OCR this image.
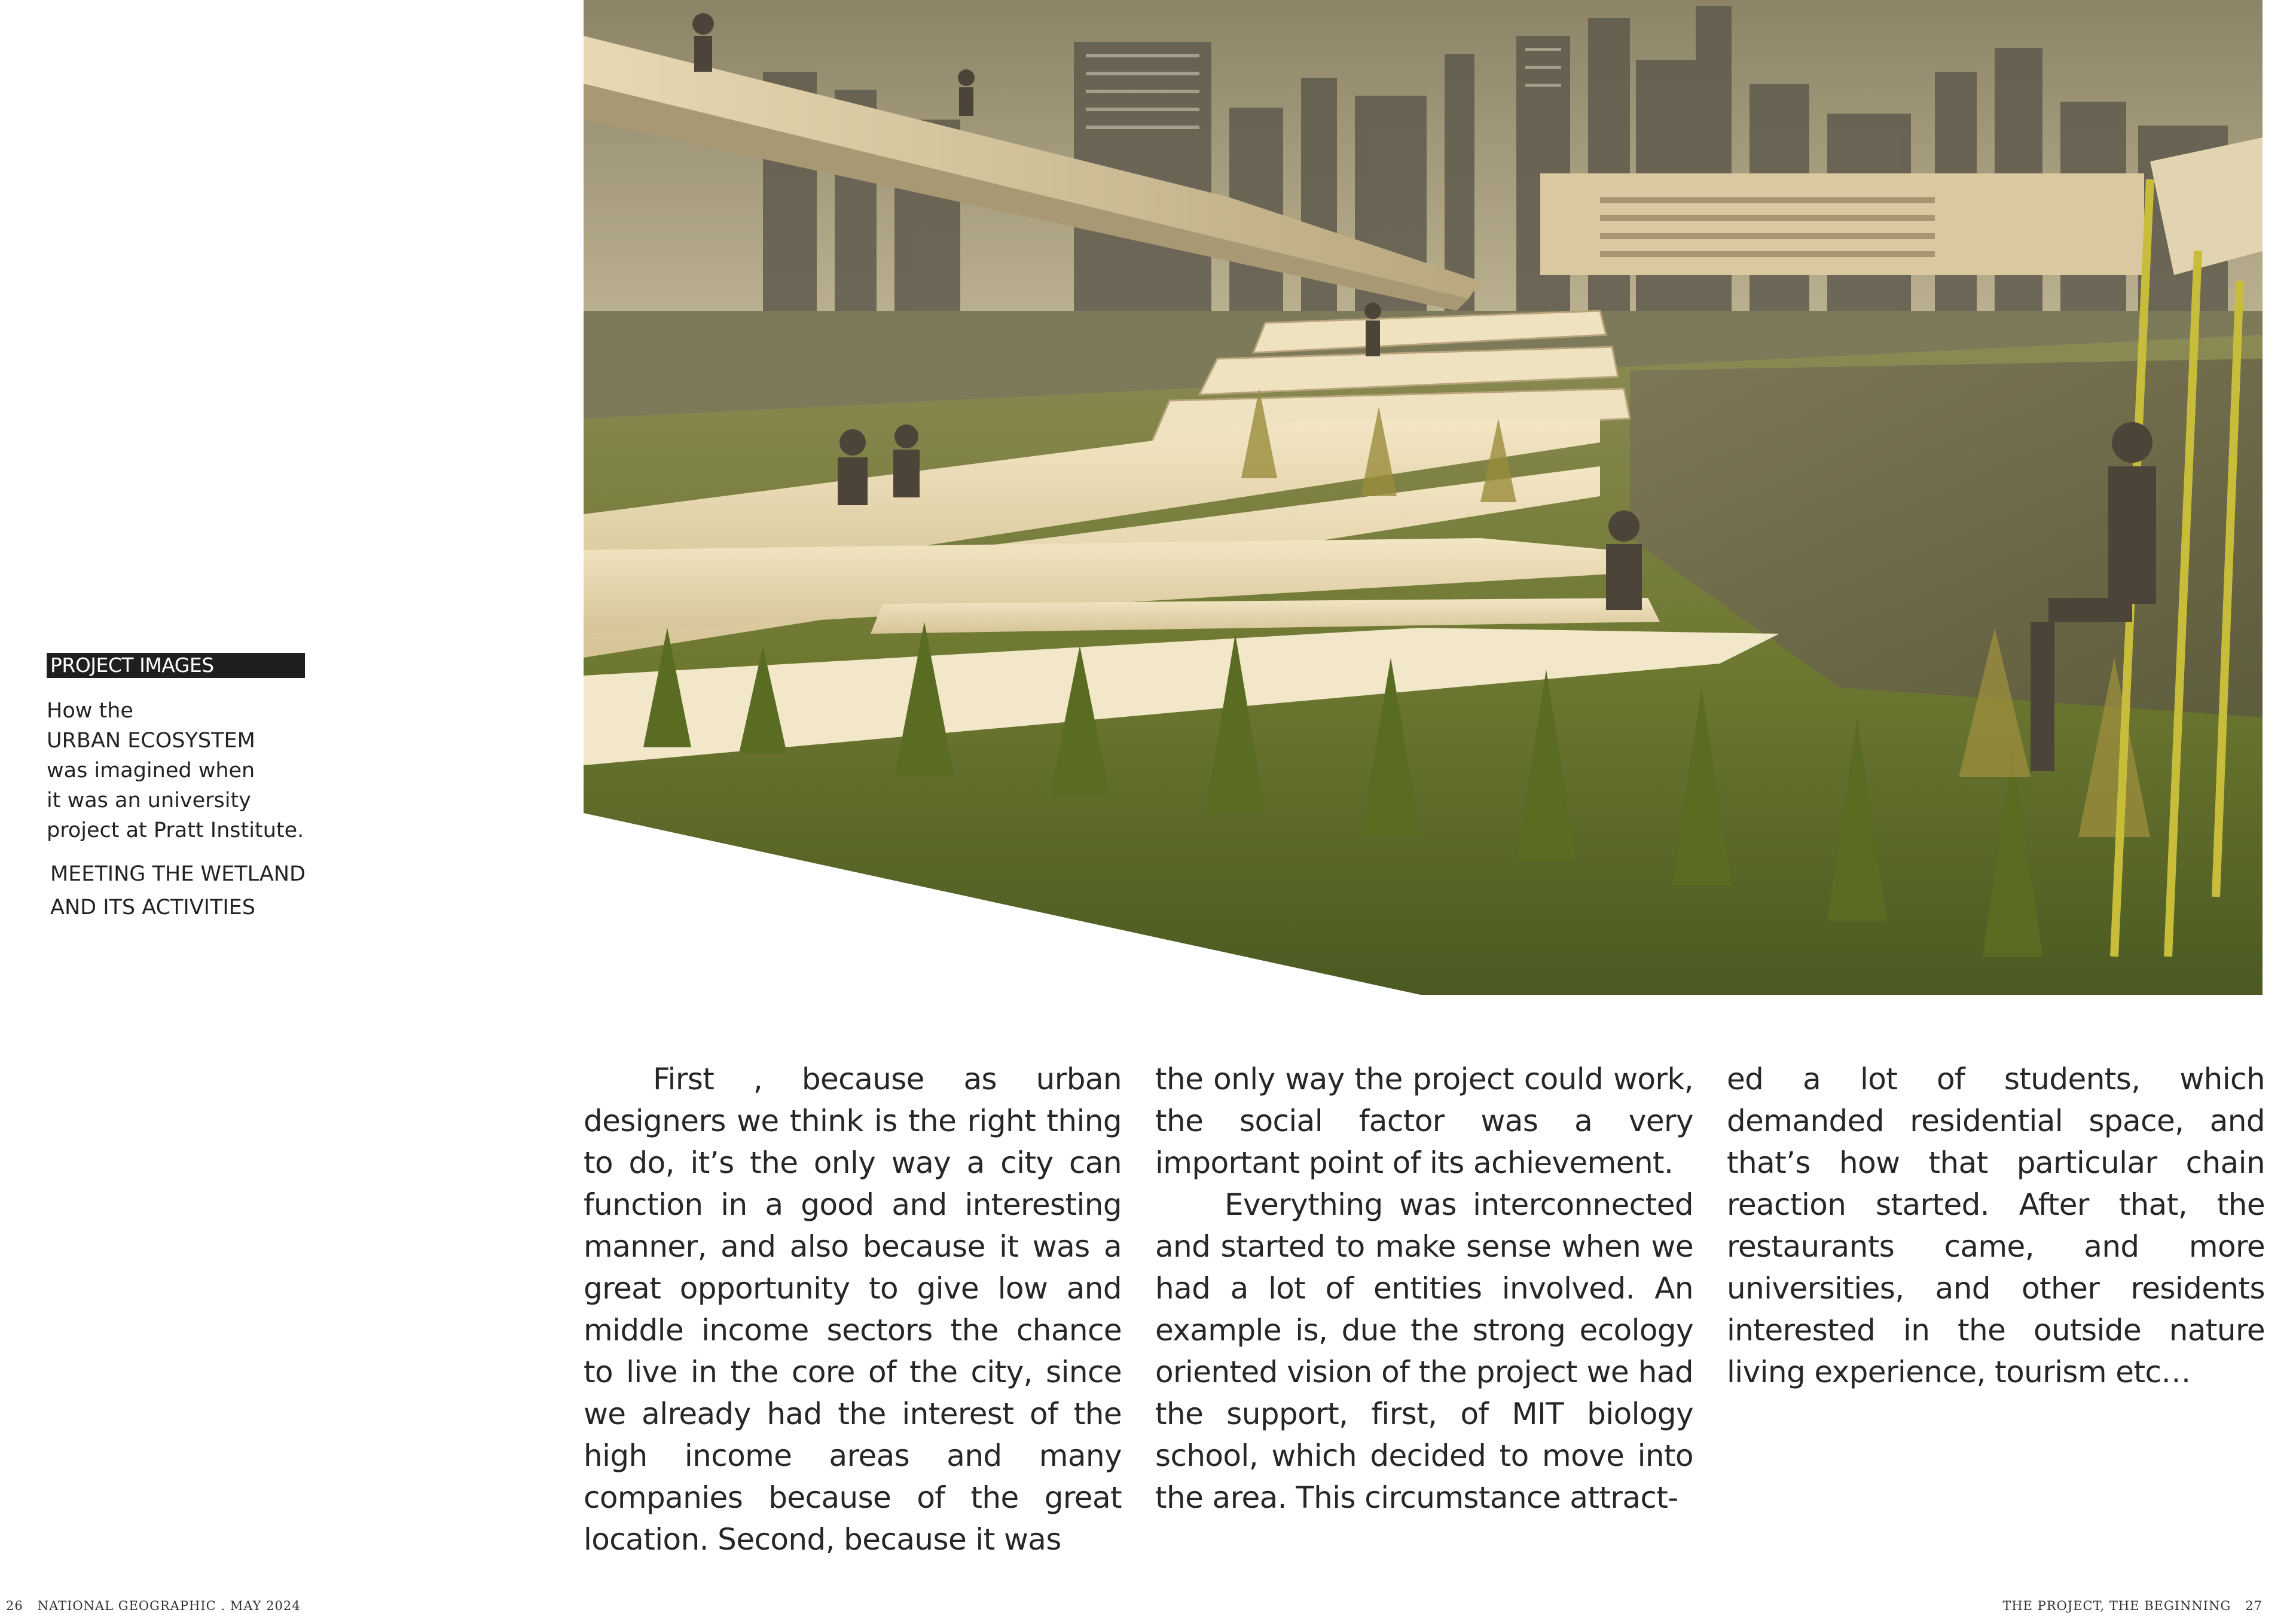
PROJECT IMAGES
How the
URBAN ECOSYSTEM
was imagined when
it was an university
project at Pratt Institute.
MEETING THE WETLAND
AND ITS ACTIVITIES

First , because as urban designers we think is the right thing to do, it’s the only way a city can function in a good and interesting manner, and also because it was a great opportunity to give low and middle income sectors the chance to live in the core of the city, since we already had the interest of the high income areas and many companies because of the great location. Second, because it was

the only way the project could work, the social factor was a very important point of its achievement.

Everything was interconnected and started to make sense when we had a lot of entities involved. An example is, due the strong ecology oriented vision of the project we had the support, first, of MIT biology school, which decided to move into the area. This circumstance attract-

ed a lot of students, which demanded residential space, and that’s how that particular chain reaction started. After that, the restaurants came, and more universities, and other residents interested in the outside nature living experience, tourism etc…

26 NATIONAL GEOGRAPHIC . MAY 2024	THE PROJECT, THE BEGINNING 27
